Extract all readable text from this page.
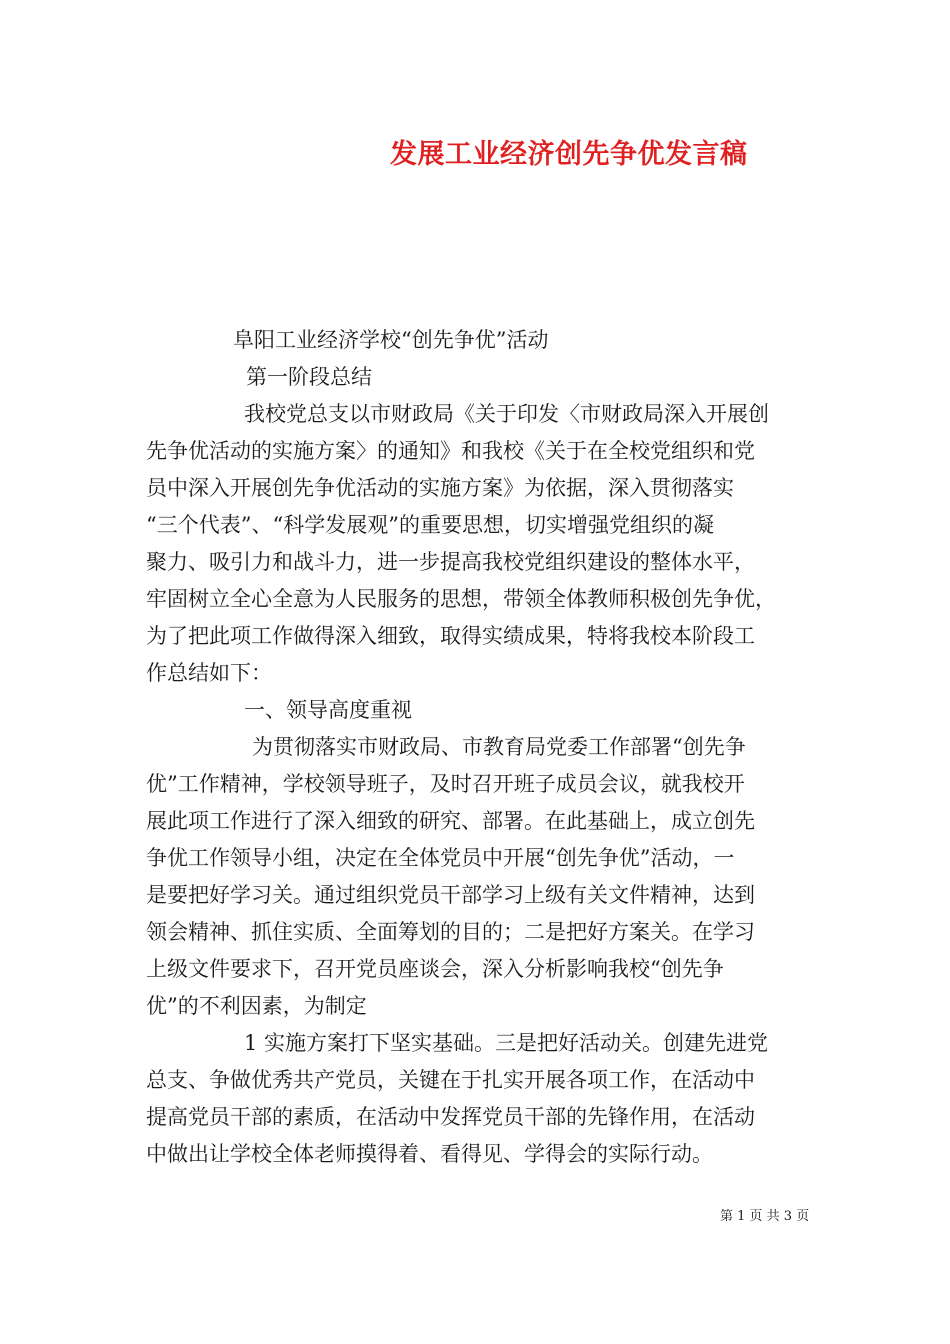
发展工业经济创先争优发言稿
阜阳工业经济学校“创先争优”活动
第一阶段总结
我校党总支以市财政局《关于印发〈市财政局深入开展创
先争优活动的实施方案〉的通知》和我校《关于在全校党组织和党
员中深入开展创先争优活动的实施方案》为依据，深入贯彻落实
“三个代表”、“科学发展观”的重要思想，切实增强党组织的凝
聚力、吸引力和战斗力，进一步提高我校党组织建设的整体水平，
牢固树立全心全意为人民服务的思想，带领全体教师积极创先争优，
为了把此项工作做得深入细致，取得实绩成果，特将我校本阶段工
作总结如下：
一、领导高度重视
为贯彻落实市财政局、市教育局党委工作部署“创先争
优”工作精神，学校领导班子，及时召开班子成员会议，就我校开
展此项工作进行了深入细致的研究、部署。在此基础上，成立创先
争优工作领导小组，决定在全体党员中开展“创先争优”活动，一
是要把好学习关。通过组织党员干部学习上级有关文件精神，达到
领会精神、抓住实质、全面筹划的目的；二是把好方案关。在学习
上级文件要求下，召开党员座谈会，深入分析影响我校“创先争
优”的不利因素，为制定
1 实施方案打下坚实基础。三是把好活动关。创建先进党
总支、争做优秀共产党员，关键在于扎实开展各项工作，在活动中
提高党员干部的素质，在活动中发挥党员干部的先锋作用，在活动
中做出让学校全体老师摸得着、看得见、学得会的实际行动。
第 1 页 共 3 页
